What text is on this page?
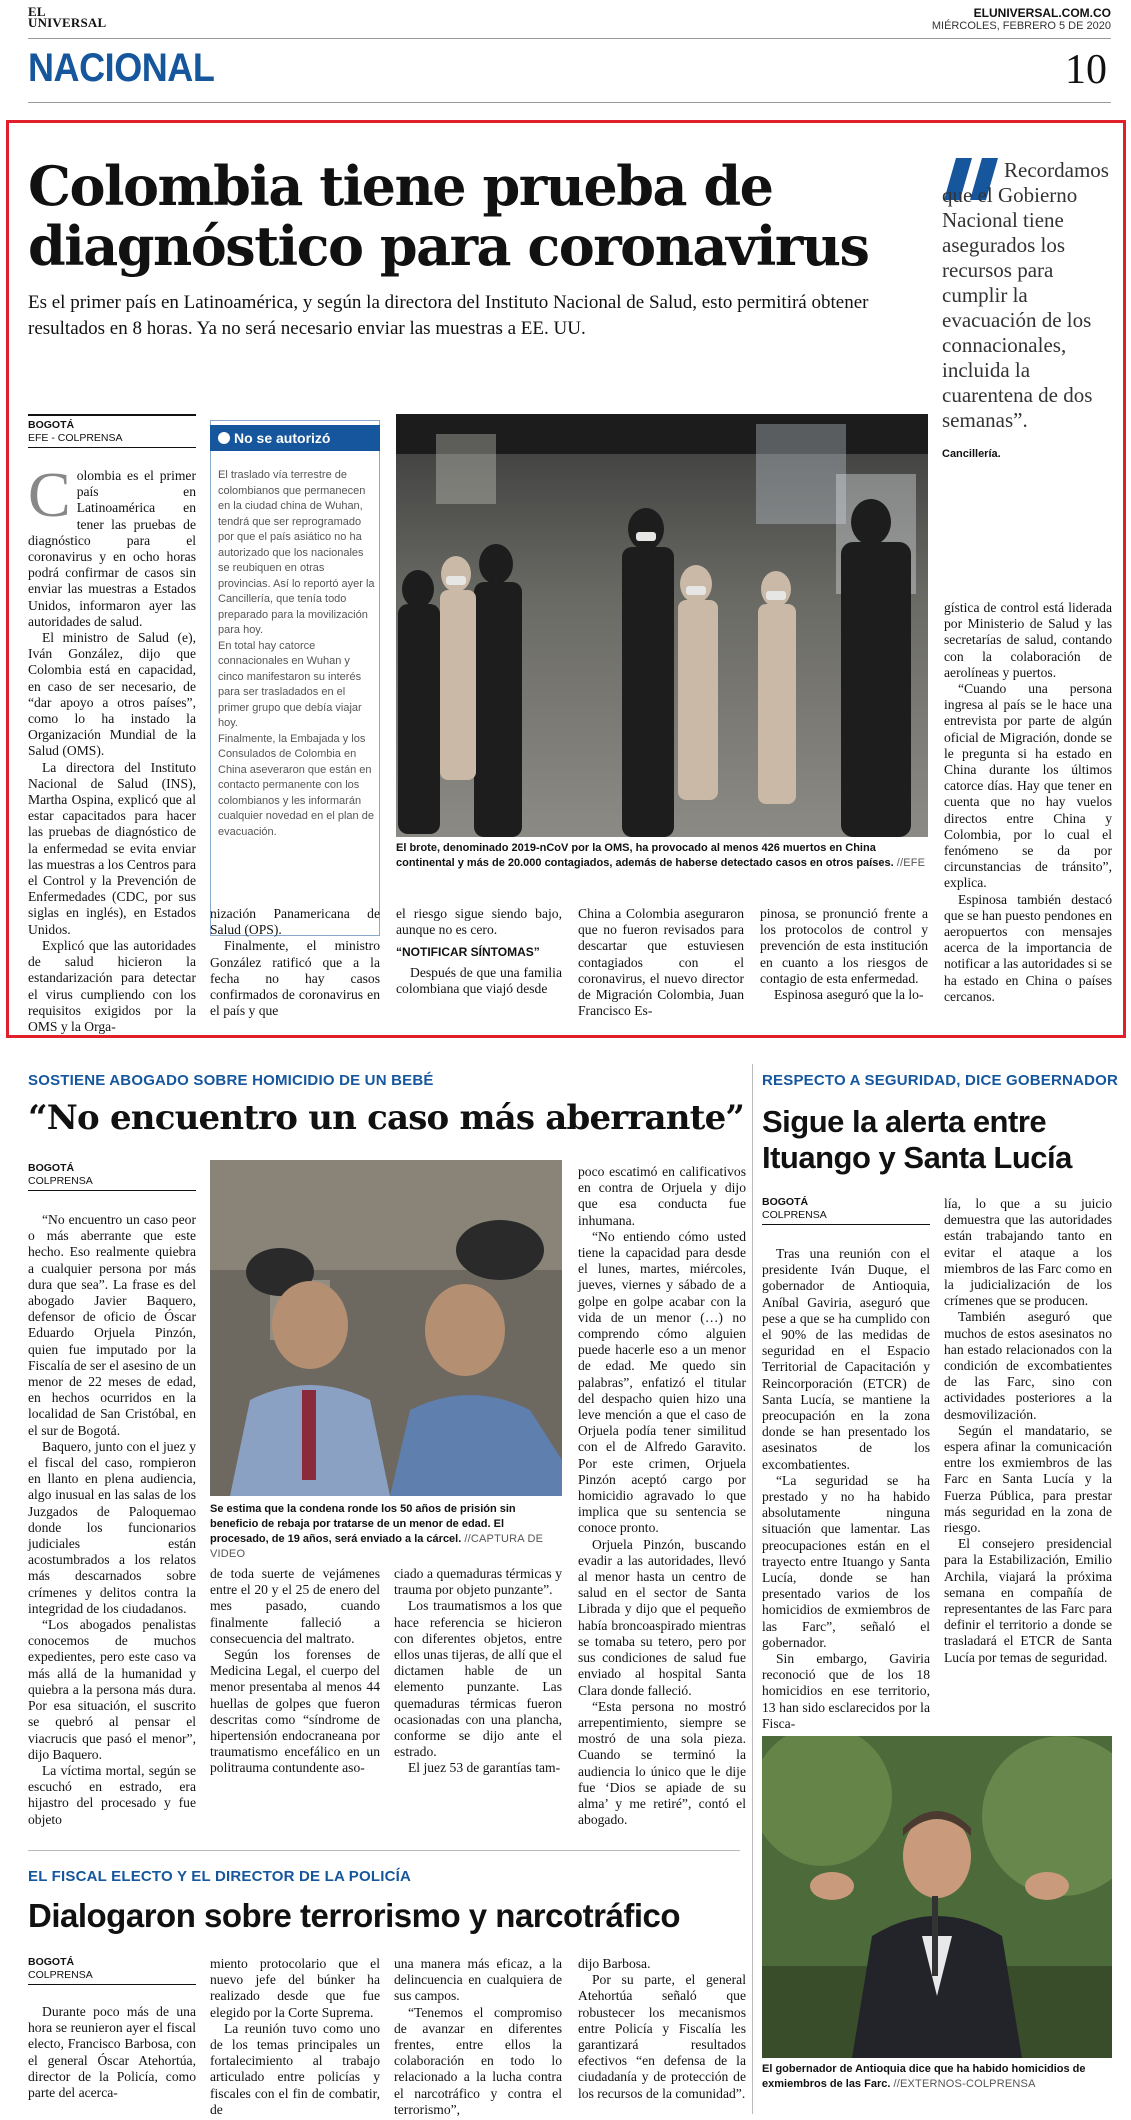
EL
UNIVERSAL
ELUNIVERSAL.COM.CO
MIÉRCOLES, FEBRERO 5 DE 2020
NACIONAL	10
Colombia tiene prueba de diagnóstico para coronavirus
Es el primer país en Latinoamérica, y según la directora del Instituto Nacional de Salud, esto permitirá obtener resultados en 8 horas. Ya no será necesario enviar las muestras a EE. UU.
Recordamos que el Gobierno Nacional tiene asegurados los recursos para cumplir la evacuación de los connacionales, incluida la cuarentena de dos semanas”.
Cancillería.
BOGOTÁ
EFE - COLPRENSA

Colombia es el primer país en Latinoamérica en tener las pruebas de diagnóstico para el coronavirus y en ocho horas podrá confirmar de casos sin enviar las muestras a Estados Unidos, informaron ayer las autoridades de salud.

El ministro de Salud (e), Iván González, dijo que Colombia está en capacidad, en caso de ser necesario, de “dar apoyo a otros países”, como lo ha instado la Organización Mundial de la Salud (OMS).

La directora del Instituto Nacional de Salud (INS), Martha Ospina, explicó que al estar capacitados para hacer las pruebas de diagnóstico de la enfermedad se evita enviar las muestras a los Centros para el Control y la Prevención de Enfermedades (CDC, por sus siglas en inglés), en Estados Unidos.

Explicó que las autoridades de salud hicieron la estandarización para detectar el virus cumpliendo con los requisitos exigidos por la OMS y la Orga-

No se autorizó

El traslado vía terrestre de colombianos que permanecen en la ciudad china de Wuhan, tendrá que ser reprogramado por que el país asiático no ha autorizado que los nacionales se reubiquen en otras provincias. Así lo reportó ayer la Cancillería, que tenía todo preparado para la movilización para hoy.

En total hay catorce connacionales en Wuhan y cinco manifestaron su interés para ser trasladados en el primer grupo que debía viajar hoy.

Finalmente, la Embajada y los Consulados de Colombia en China aseveraron que están en contacto permanente con los colombianos y les informarán cualquier novedad en el plan de evacuación.

El brote, denominado 2019-nCoV por la OMS, ha provocado al menos 426 muertos en China continental y más de 20.000 contagiados, además de haberse detectado casos en otros países. //EFE

nización Panamericana de Salud (OPS).

Finalmente, el ministro González ratificó que a la fecha no hay casos confirmados de coronavirus en el país y que

el riesgo sigue siendo bajo, aunque no es cero.

“NOTIFICAR SÍNTOMAS”

Después de que una familia colombiana que viajó desde

China a Colombia aseguraron que no fueron revisados para descartar que estuviesen contagiados con el coronavirus, el nuevo director de Migración Colombia, Juan Francisco Es-

pinosa, se pronunció frente a los protocolos de control y prevención de esta institución en cuanto a los riesgos de contagio de esta enfermedad.

Espinosa aseguró que la lo-

gística de control está liderada por Ministerio de Salud y las secretarías de salud, contando con la colaboración de aerolíneas y puertos.

“Cuando una persona ingresa al país se le hace una entrevista por parte de algún oficial de Migración, donde se le pregunta si ha estado en China durante los últimos catorce días. Hay que tener en cuenta que no hay vuelos directos entre China y Colombia, por lo cual el fenómeno se da por circunstancias de tránsito”, explica.

Espinosa también destacó que se han puesto pendones en aeropuertos con mensajes acerca de la importancia de notificar a las autoridades si se ha estado en China o países cercanos.

SOSTIENE ABOGADO SOBRE HOMICIDIO DE UN BEBÉ
“No encuentro un caso más aberrante”
BOGOTÁ
COLPRENSA

“No encuentro un caso peor o más aberrante que este hecho. Eso realmente quiebra a cualquier persona por más dura que sea”. La frase es del abogado Javier Baquero, defensor de oficio de Óscar Eduardo Orjuela Pinzón, quien fue imputado por la Fiscalía de ser el asesino de un menor de 22 meses de edad, en hechos ocurridos en la localidad de San Cristóbal, en el sur de Bogotá.

Baquero, junto con el juez y el fiscal del caso, rompieron en llanto en plena audiencia, algo inusual en las salas de los Juzgados de Paloquemao donde los funcionarios judiciales están acostumbrados a los relatos más descarnados sobre crímenes y delitos contra la integridad de los ciudadanos.

“Los abogados penalistas conocemos de muchos expedientes, pero este caso va más allá de la humanidad y quiebra a la persona más dura. Por esa situación, el suscrito se quebró al pensar el viacrucis que pasó el menor”, dijo Baquero.

La víctima mortal, según se escuchó en estrado, era hijastro del procesado y fue objeto

Se estima que la condena ronde los 50 años de prisión sin beneficio de rebaja por tratarse de un menor de edad. El procesado, de 19 años, será enviado a la cárcel. //CAPTURA DE VIDEO

de toda suerte de vejámenes entre el 20 y el 25 de enero del mes pasado, cuando finalmente falleció a consecuencia del maltrato.

Según los forenses de Medicina Legal, el cuerpo del menor presentaba al menos 44 huellas de golpes que fueron descritas como “síndrome de hipertensión endocraneana por traumatismo encefálico en un politrauma contundente aso-

ciado a quemaduras térmicas y trauma por objeto punzante”.

Los traumatismos a los que hace referencia se hicieron con diferentes objetos, entre ellos unas tijeras, de allí que el dictamen hable de un elemento punzante. Las quemaduras térmicas fueron ocasionadas con una plancha, conforme se dijo ante el estrado.

El juez 53 de garantías tam-

poco escatimó en calificativos en contra de Orjuela y dijo que esa conducta fue inhumana.

“No entiendo cómo usted tiene la capacidad para desde el lunes, martes, miércoles, jueves, viernes y sábado de a golpe en golpe acabar con la vida de un menor (…) no comprendo cómo alguien puede hacerle eso a un menor de edad. Me quedo sin palabras”, enfatizó el titular del despacho quien hizo una leve mención a que el caso de Orjuela podía tener similitud con el de Alfredo Garavito. Por este crimen, Orjuela Pinzón aceptó cargo por homicidio agravado lo que implica que su sentencia se conoce pronto.

Orjuela Pinzón, buscando evadir a las autoridades, llevó al menor hasta un centro de salud en el sector de Santa Librada y dijo que el pequeño había broncoaspirado mientras se tomaba su tetero, pero por sus condiciones de salud fue enviado al hospital Santa Clara donde falleció.

“Esta persona no mostró arrepentimiento, siempre se mostró de una sola pieza. Cuando se terminó la audiencia lo único que le dije fue ‘Dios se apiade de su alma’ y me retiré”, contó el abogado.

RESPECTO A SEGURIDAD, DICE GOBERNADOR
Sigue la alerta entre Ituango y Santa Lucía
BOGOTÁ
COLPRENSA

Tras una reunión con el presidente Iván Duque, el gobernador de Antioquia, Aníbal Gaviria, aseguró que pese a que se ha cumplido con el 90% de las medidas de seguridad en el Espacio Territorial de Capacitación y Reincorporación (ETCR) de Santa Lucía, se mantiene la preocupación en la zona donde se han presentado los asesinatos de los excombatientes.

“La seguridad se ha prestado y no ha habido absolutamente ninguna situación que lamentar. Las preocupaciones están en el trayecto entre Ituango y Santa Lucía, donde se han presentado varios de los homicidios de exmiembros de las Farc”, señaló el gobernador.

Sin embargo, Gaviria reconoció que de los 18 homicidios en ese territorio, 13 han sido esclarecidos por la Fisca-

lía, lo que a su juicio demuestra que las autoridades están trabajando tanto en evitar el ataque a los miembros de las Farc como en la judicialización de los crímenes que se producen.

También aseguró que muchos de estos asesinatos no han estado relacionados con la condición de excombatientes de las Farc, sino con actividades posteriores a la desmovilización.

Según el mandatario, se espera afinar la comunicación entre los exmiembros de las Farc en Santa Lucía y la Fuerza Pública, para prestar más seguridad en la zona de riesgo.

El consejero presidencial para la Estabilización, Emilio Archila, viajará la próxima semana en compañía de representantes de las Farc para definir el territorio a donde se trasladará el ETCR de Santa Lucía por temas de seguridad.

El gobernador de Antioquia dice que ha habido homicidios de exmiembros de las Farc. //EXTERNOS-COLPRENSA
EL FISCAL ELECTO Y EL DIRECTOR DE LA POLICÍA
Dialogaron sobre terrorismo y narcotráfico
BOGOTÁ
COLPRENSA

Durante poco más de una hora se reunieron ayer el fiscal electo, Francisco Barbosa, con el general Óscar Atehortúa, director de la Policía, como parte del acerca-

miento protocolario que el nuevo jefe del búnker ha realizado desde que fue elegido por la Corte Suprema.

La reunión tuvo como uno de los temas principales un fortalecimiento al trabajo articulado entre policías y fiscales con el fin de combatir, de

una manera más eficaz, a la delincuencia en cualquiera de sus campos.

“Tenemos el compromiso de avanzar en diferentes frentes, entre ellos la colaboración en todo lo relacionado a la lucha contra el narcotráfico y contra el terrorismo”,

dijo Barbosa.

Por su parte, el general Atehortúa señaló que robustecer los mecanismos entre Policía y Fiscalía les garantizará resultados efectivos “en defensa de la ciudadanía y de protección de los recursos de la comunidad”.
